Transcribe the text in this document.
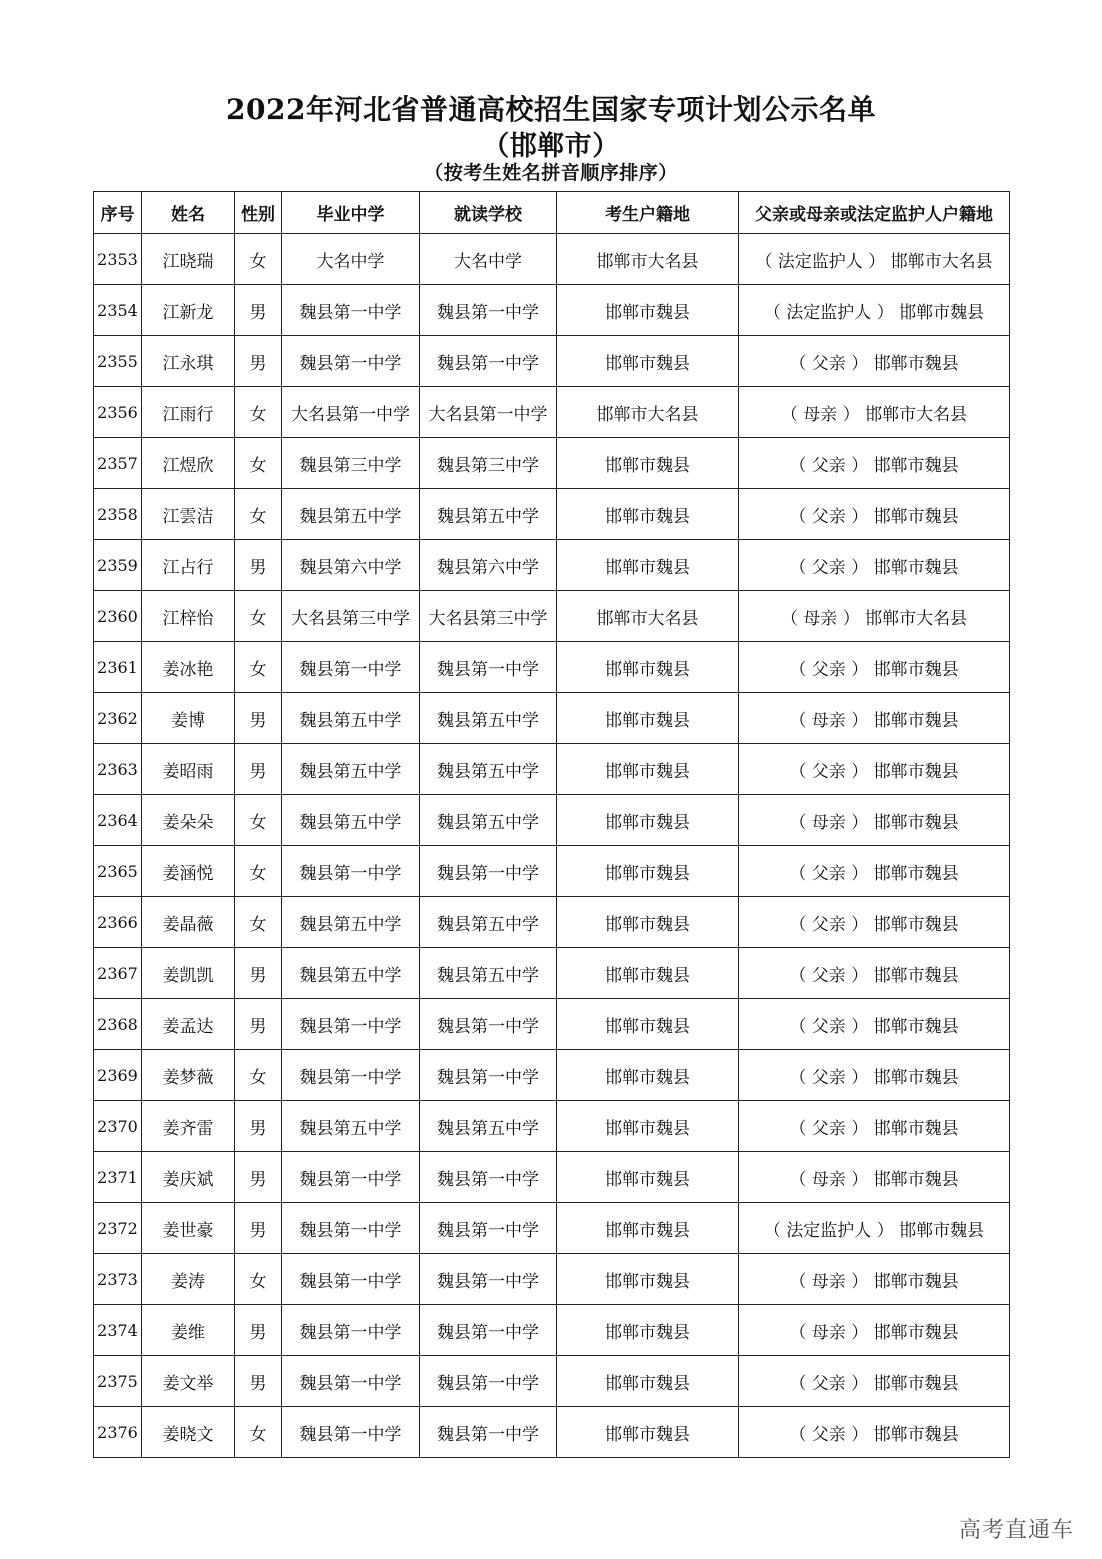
2022年河北省普通高校招生国家专项计划公示名单
（邯郸市）
（按考生姓名拼音顺序排序）
序号	姓名	性别	毕业中学	就读学校	考生户籍地	父亲或母亲或法定监护人户籍地
2353	江晓瑞	女	大名中学	大名中学	邯郸市大名县	（ 法定监护人 ） 邯郸市大名县
2354	江新龙	男	魏县第一中学	魏县第一中学	邯郸市魏县	（ 法定监护人 ） 邯郸市魏县
2355	江永琪	男	魏县第一中学	魏县第一中学	邯郸市魏县	（ 父亲 ） 邯郸市魏县
2356	江雨行	女	大名县第一中学	大名县第一中学	邯郸市大名县	（ 母亲 ） 邯郸市大名县
2357	江煜欣	女	魏县第三中学	魏县第三中学	邯郸市魏县	（ 父亲 ） 邯郸市魏县
2358	江雲洁	女	魏县第五中学	魏县第五中学	邯郸市魏县	（ 父亲 ） 邯郸市魏县
2359	江占行	男	魏县第六中学	魏县第六中学	邯郸市魏县	（ 父亲 ） 邯郸市魏县
2360	江梓怡	女	大名县第三中学	大名县第三中学	邯郸市大名县	（ 母亲 ） 邯郸市大名县
2361	姜冰艳	女	魏县第一中学	魏县第一中学	邯郸市魏县	（ 父亲 ） 邯郸市魏县
2362	姜博	男	魏县第五中学	魏县第五中学	邯郸市魏县	（ 母亲 ） 邯郸市魏县
2363	姜昭雨	男	魏县第五中学	魏县第五中学	邯郸市魏县	（ 父亲 ） 邯郸市魏县
2364	姜朵朵	女	魏县第五中学	魏县第五中学	邯郸市魏县	（ 母亲 ） 邯郸市魏县
2365	姜涵悦	女	魏县第一中学	魏县第一中学	邯郸市魏县	（ 父亲 ） 邯郸市魏县
2366	姜晶薇	女	魏县第五中学	魏县第五中学	邯郸市魏县	（ 父亲 ） 邯郸市魏县
2367	姜凯凯	男	魏县第五中学	魏县第五中学	邯郸市魏县	（ 父亲 ） 邯郸市魏县
2368	姜孟达	男	魏县第一中学	魏县第一中学	邯郸市魏县	（ 父亲 ） 邯郸市魏县
2369	姜梦薇	女	魏县第一中学	魏县第一中学	邯郸市魏县	（ 父亲 ） 邯郸市魏县
2370	姜齐雷	男	魏县第五中学	魏县第五中学	邯郸市魏县	（ 父亲 ） 邯郸市魏县
2371	姜庆斌	男	魏县第一中学	魏县第一中学	邯郸市魏县	（ 母亲 ） 邯郸市魏县
2372	姜世豪	男	魏县第一中学	魏县第一中学	邯郸市魏县	（ 法定监护人 ） 邯郸市魏县
2373	姜涛	女	魏县第一中学	魏县第一中学	邯郸市魏县	（ 母亲 ） 邯郸市魏县
2374	姜维	男	魏县第一中学	魏县第一中学	邯郸市魏县	（ 母亲 ） 邯郸市魏县
2375	姜文举	男	魏县第一中学	魏县第一中学	邯郸市魏县	（ 父亲 ） 邯郸市魏县
2376	姜晓文	女	魏县第一中学	魏县第一中学	邯郸市魏县	（ 父亲 ） 邯郸市魏县
高考直通车
